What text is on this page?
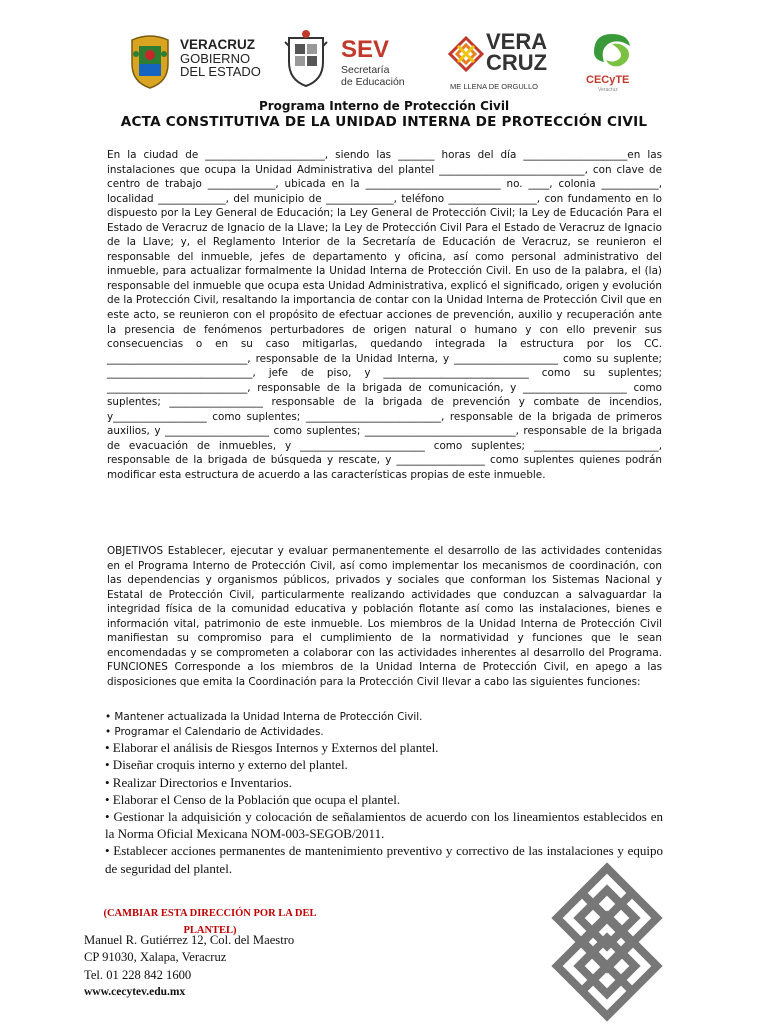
VERACRUZ
GOBIERNO
DEL ESTADO
SEV
Secretaría
de Educación
VERA
CRUZ
ME LLENA DE ORGULLO
CECyTE
Veracruz
Programa Interno de Protección Civil
ACTA CONSTITUTIVA DE LA UNIDAD INTERNA DE PROTECCIÓN CIVIL

En la ciudad de _______________________, siendo las _______ horas del día ____________________en las instalaciones que ocupa la Unidad Administrativa del plantel ____________________________, con clave de centro de trabajo _____________, ubicada en la __________________________ no. ____, colonia ___________, localidad _____________, del municipio de _____________, teléfono _________________, con fundamento en lo dispuesto por la Ley General de Educación; la Ley General de Protección Civil; la Ley de Educación Para el Estado de Veracruz de Ignacio de la Llave; la Ley de Protección Civil Para el Estado de Veracruz de Ignacio de la Llave; y, el Reglamento Interior de la Secretaría de Educación de Veracruz, se reunieron el responsable del inmueble, jefes de departamento y oficina, así como personal administrativo del inmueble, para actualizar formalmente la Unidad Interna de Protección Civil. En uso de la palabra, el (la) responsable del inmueble que ocupa esta Unidad Administrativa, explicó el significado, origen y evolución de la Protección Civil, resaltando la importancia de contar con la Unidad Interna de Protección Civil que en este acto, se reunieron con el propósito de efectuar acciones de prevención, auxilio y recuperación ante la presencia de fenómenos perturbadores de origen natural o humano y con ello prevenir sus consecuencias o en su caso mitigarlas, quedando integrada la estructura por los CC. ___________________________, responsable de la Unidad Interna, y ____________________ como su suplente; ____________________________, jefe de piso, y ____________________________ como su suplentes; ___________________________, responsable de la brigada de comunicación, y ____________________ como suplentes; __________________ responsable de la brigada de prevención y combate de incendios, y__________________ como suplentes; __________________________, responsable de la brigada de primeros auxilios, y ____________________ como suplentes; _____________________________, responsable de la brigada de evacuación de inmuebles, y ________________________ como suplentes; ________________________, responsable de la brigada de búsqueda y rescate, y _________________ como suplentes quienes podrán modificar esta estructura de acuerdo a las características propias de este inmueble.

OBJETIVOS Establecer, ejecutar y evaluar permanentemente el desarrollo de las actividades contenidas en el Programa Interno de Protección Civil, así como implementar los mecanismos de coordinación, con las dependencias y organismos públicos, privados y sociales que conforman los Sistemas Nacional y Estatal de Protección Civil, particularmente realizando actividades que conduzcan a salvaguardar la integridad física de la comunidad educativa y población flotante así como las instalaciones, bienes e información vital, patrimonio de este inmueble. Los miembros de la Unidad Interna de Protección Civil manifiestan su compromiso para el cumplimiento de la normatividad y funciones que le sean encomendadas y se comprometen a colaborar con las actividades inherentes al desarrollo del Programa. FUNCIONES Corresponde a los miembros de la Unidad Interna de Protección Civil, en apego a las disposiciones que emita la Coordinación para la Protección Civil llevar a cabo las siguientes funciones:

• Mantener actualizada la Unidad Interna de Protección Civil.
• Programar el Calendario de Actividades.
• Elaborar el análisis de Riesgos Internos y Externos del plantel.
• Diseñar croquis interno y externo del plantel.
• Realizar Directorios e Inventarios.
• Elaborar el Censo de la Población que ocupa el plantel.
• Gestionar la adquisición y colocación de señalamientos de acuerdo con los lineamientos establecidos en la Norma Oficial Mexicana NOM-003-SEGOB/2011.
• Establecer acciones permanentes de mantenimiento preventivo y correctivo de las instalaciones y equipo de seguridad del plantel.

(CAMBIAR ESTA DIRECCIÓN POR LA DEL PLANTEL)

Manuel R. Gutiérrez 12, Col. del Maestro
CP 91030, Xalapa, Veracruz
Tel. 01 228 842 1600
www.cecytev.edu.mx
